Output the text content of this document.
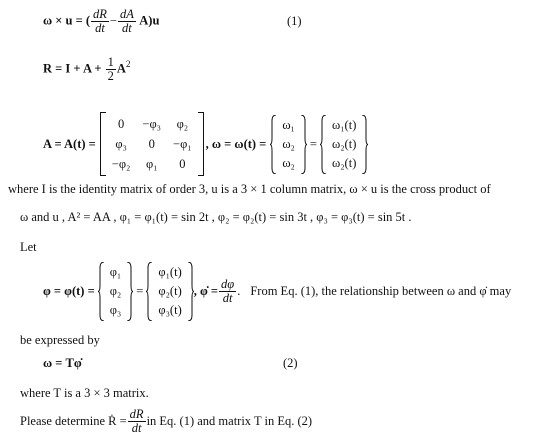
ω × u = ( $\frac{dR}{dt} - \frac{dA}{dt} A)u$	(1)
$R = I + A + \frac{1}{2} A^2$
A = A(t) =
0	−φ₃	φ₂
φ₃	0	−φ₁
−φ₂	φ₁	0
, ω = ω(t) =
ω₁
ω₂
ω₂
=
ω₁(t)
ω₂(t)
ω₂(t)
where I is the identity matrix of order 3, u is a 3 × 1 column matrix, ω × u is the cross product of
ω and u , A² = AA , φ₁ = φ₁(t) = sin 2t , φ₂ = φ₂(t) = sin 3t , φ₃ = φ₃(t) = sin 5t .
Let
φ = φ(t) =
φ₁
φ₂
φ₃
=
φ₁(t)
φ₂(t)
φ₃(t)
, φ̇ = $\frac{d\varphi}{dt}$ . From Eq. (1), the relationship between ω and φ̇ may
be expressed by
ω = Tφ̇	(2)
where T is a 3 × 3 matrix.
Please determine Ṙ = $\frac{dR}{dt}$ in Eq. (1) and matrix T in Eq. (2)
